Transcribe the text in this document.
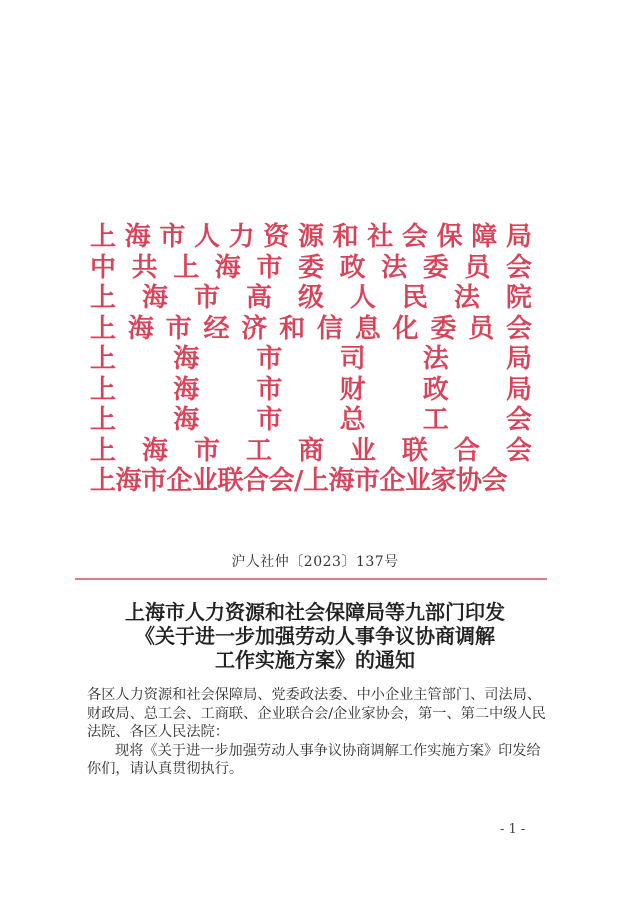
上 海 市 人 力 资 源 和 社 会 保 障 局
中 共 上 海 市 委 政 法 委 员 会
上 海 市 高 级 人 民 法 院
上 海 市 经 济 和 信 息 化 委 员 会
上 海 市 司 法 局
上 海 市 财 政 局
上 海 市 总 工 会
上 海 市 工 商 业 联 合 会
上海市企业联合会/上海市企业家协会
沪人社仲〔2023〕137号
上海市人力资源和社会保障局等九部门印发
《关于进一步加强劳动人事争议协商调解
工作实施方案》的通知

各区人力资源和社会保障局、党委政法委、中小企业主管部门、司法局、财政局、总工会、工商联、企业联合会/企业家协会，第一、第二中级人民法院、各区人民法院：

现将《关于进一步加强劳动人事争议协商调解工作实施方案》印发给你们，请认真贯彻执行。

- 1 -
